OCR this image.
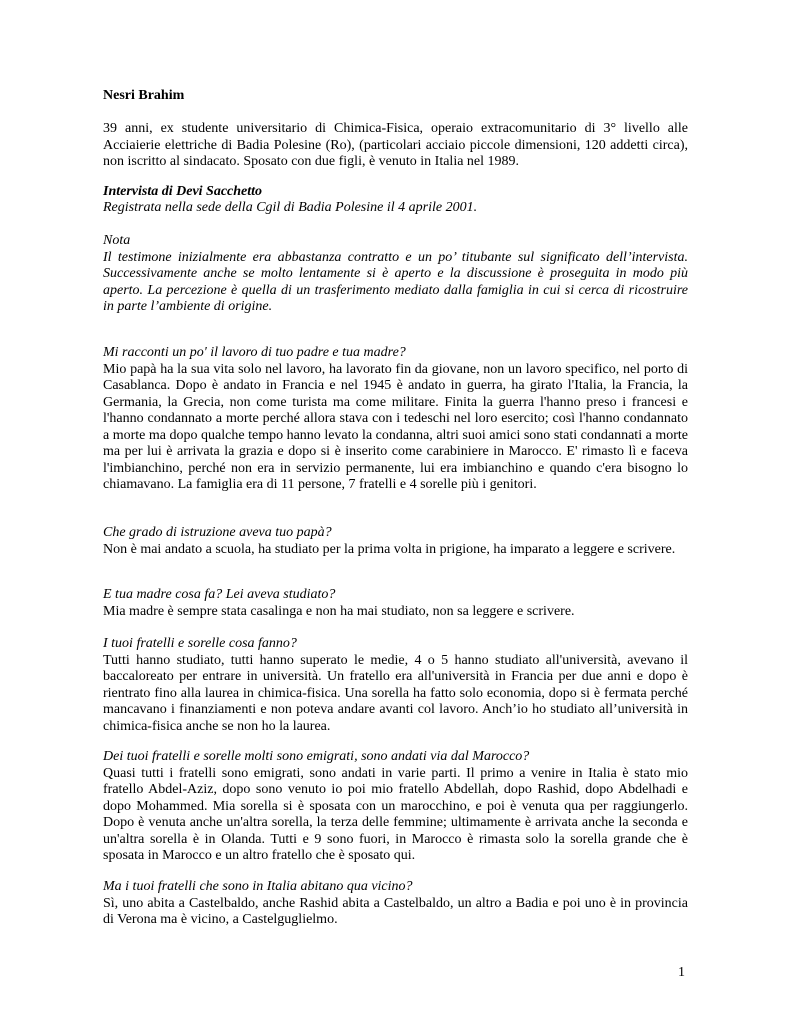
Nesri Brahim

39 anni, ex studente universitario di Chimica-Fisica, operaio extracomunitario di 3° livello alle Acciaierie elettriche di Badia Polesine (Ro), (particolari acciaio piccole dimensioni, 120 addetti circa), non iscritto al sindacato. Sposato con due figli, è venuto in Italia nel 1989.

Intervista di Devi Sacchetto
Registrata nella sede della Cgil di Badia Polesine il 4 aprile 2001.
Nota

Il testimone inizialmente era abbastanza contratto e un po’ titubante sul significato dell’intervista. Successivamente anche se molto lentamente si è aperto e la discussione è proseguita in modo più aperto. La percezione è quella di un trasferimento mediato dalla famiglia in cui si cerca di ricostruire in parte l’ambiente di origine.

Mi racconti un po' il lavoro di tuo padre e tua madre?
Mio papà ha la sua vita solo nel lavoro, ha lavorato fin da giovane, non un lavoro specifico, nel porto di Casablanca. Dopo è andato in Francia e nel 1945 è andato in guerra, ha girato l'Italia, la Francia, la Germania, la Grecia, non come turista ma come militare. Finita la guerra l'hanno preso i francesi e l'hanno condannato a morte perché allora stava con i tedeschi nel loro esercito; così l'hanno condannato a morte ma dopo qualche tempo hanno levato la condanna, altri suoi amici sono stati condannati a morte ma per lui è arrivata la grazia e dopo si è inserito come carabiniere in Marocco. E' rimasto lì e faceva l'imbianchino, perché non era in servizio permanente, lui era imbianchino e quando c'era bisogno lo chiamavano. La famiglia era di 11 persone, 7 fratelli e 4 sorelle più i genitori.
Che grado di istruzione aveva tuo papà?
Non è mai andato a scuola, ha studiato per la prima volta in prigione, ha imparato a leggere e scrivere.
E tua madre cosa fa? Lei aveva studiato?
Mia madre è sempre stata casalinga e non ha mai studiato, non sa leggere e scrivere.
I tuoi fratelli e sorelle cosa fanno?
Tutti hanno studiato, tutti hanno superato le medie, 4 o 5 hanno studiato all'università, avevano il baccaloreato per entrare in università. Un fratello era all'università in Francia per due anni e dopo è rientrato fino alla laurea in chimica-fisica. Una sorella ha fatto solo economia, dopo si è fermata perché mancavano i finanziamenti e non poteva andare avanti col lavoro. Anch’io ho studiato all’università in chimica-fisica anche se non ho la laurea.
Dei tuoi fratelli e sorelle molti sono emigrati, sono andati via dal Marocco?
Quasi tutti i fratelli sono emigrati, sono andati in varie parti. Il primo a venire in Italia è stato mio fratello Abdel-Aziz, dopo sono venuto io poi mio fratello Abdellah, dopo Rashid, dopo Abdelhadi e dopo Mohammed. Mia sorella si è sposata con un marocchino, e poi è venuta qua per raggiungerlo. Dopo è venuta anche un'altra sorella, la terza delle femmine; ultimamente è arrivata anche la seconda e un'altra sorella è in Olanda. Tutti e 9 sono fuori, in Marocco è rimasta solo la sorella grande che è sposata in Marocco e un altro fratello che è sposato qui.
Ma i tuoi fratelli che sono in Italia abitano qua vicino?
Sì, uno abita a Castelbaldo, anche Rashid abita a Castelbaldo, un altro a Badia e poi uno è in provincia di Verona ma è vicino, a Castelguglielmo.
1
